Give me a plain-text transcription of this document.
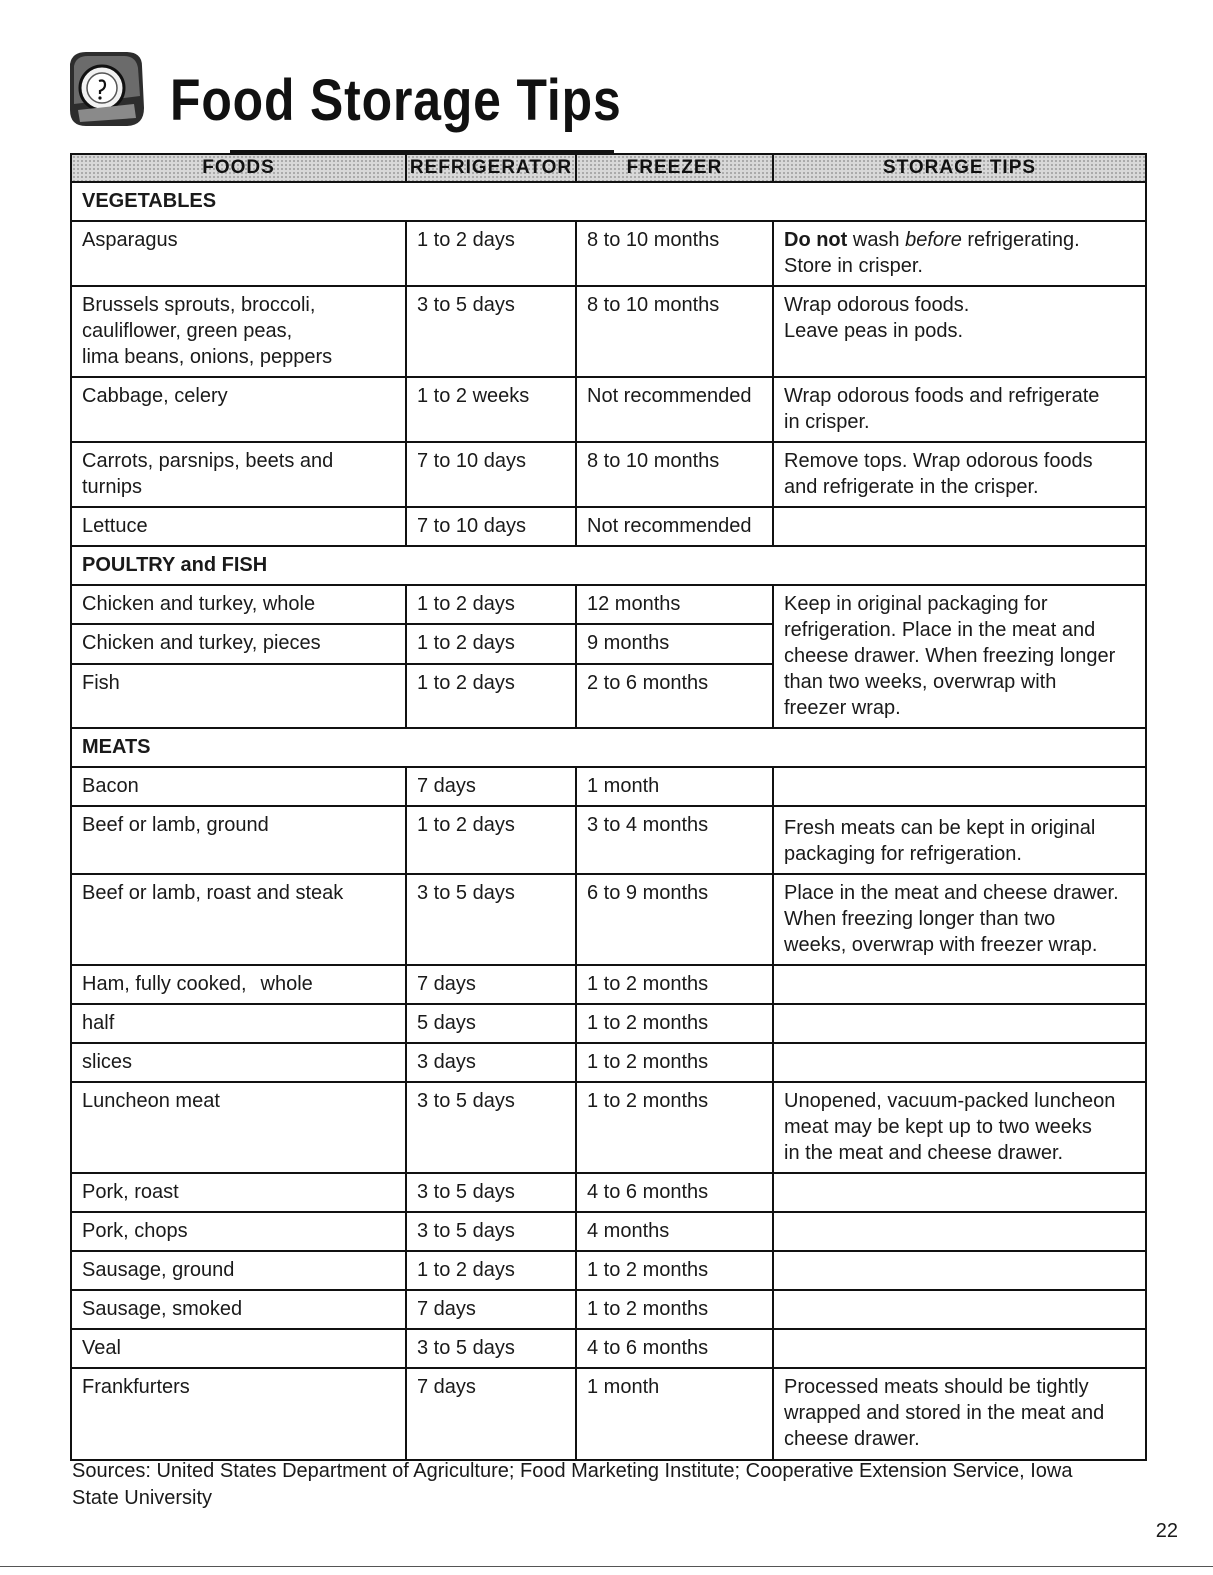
Food Storage Tips
FOODS	REFRIGERATOR	FREEZER	STORAGE TIPS
VEGETABLES			
Asparagus	1 to 2 days	8 to 10 months	Do not wash before refrigerating.
Store in crisper.
Brussels sprouts, broccoli,
cauliflower, green peas,
lima beans, onions, peppers	3 to 5 days	8 to 10 months	Wrap odorous foods.
Leave peas in pods.
Cabbage, celery	1 to 2 weeks	Not recommended	Wrap odorous foods and refrigerate
in crisper.
Carrots, parsnips, beets and
turnips	7 to 10 days	8 to 10 months	Remove tops. Wrap odorous foods
and refrigerate in the crisper.
Lettuce	7 to 10 days	Not recommended	
POULTRY and FISH			
Chicken and turkey, whole	1 to 2 days	12 months	Keep in original packaging for
refrigeration. Place in the meat and
cheese drawer. When freezing longer
than two weeks, overwrap with
freezer wrap.
Chicken and turkey, pieces	1 to 2 days	9 months	
Fish	1 to 2 days	2 to 6 months	
MEATS			
Bacon	7 days	1 month	
Beef or lamb, ground	1 to 2 days	3 to 4 months	Fresh meats can be kept in original
packaging for refrigeration.
Beef or lamb, roast and steak	3 to 5 days	6 to 9 months	Place in the meat and cheese drawer.
When freezing longer than two
weeks, overwrap with freezer wrap.
Ham, fully cooked, whole	7 days	1 to 2 months	
half	5 days	1 to 2 months	
slices	3 days	1 to 2 months	
Luncheon meat	3 to 5 days	1 to 2 months	Unopened, vacuum-packed luncheon
meat may be kept up to two weeks
in the meat and cheese drawer.
Pork, roast	3 to 5 days	4 to 6 months	
Pork, chops	3 to 5 days	4 months	
Sausage, ground	1 to 2 days	1 to 2 months	
Sausage, smoked	7 days	1 to 2 months	
Veal	3 to 5 days	4 to 6 months	
Frankfurters	7 days	1 month	Processed meats should be tightly
wrapped and stored in the meat and
cheese drawer.
Sources: United States Department of Agriculture; Food Marketing Institute; Cooperative Extension Service, Iowa
State University
22
